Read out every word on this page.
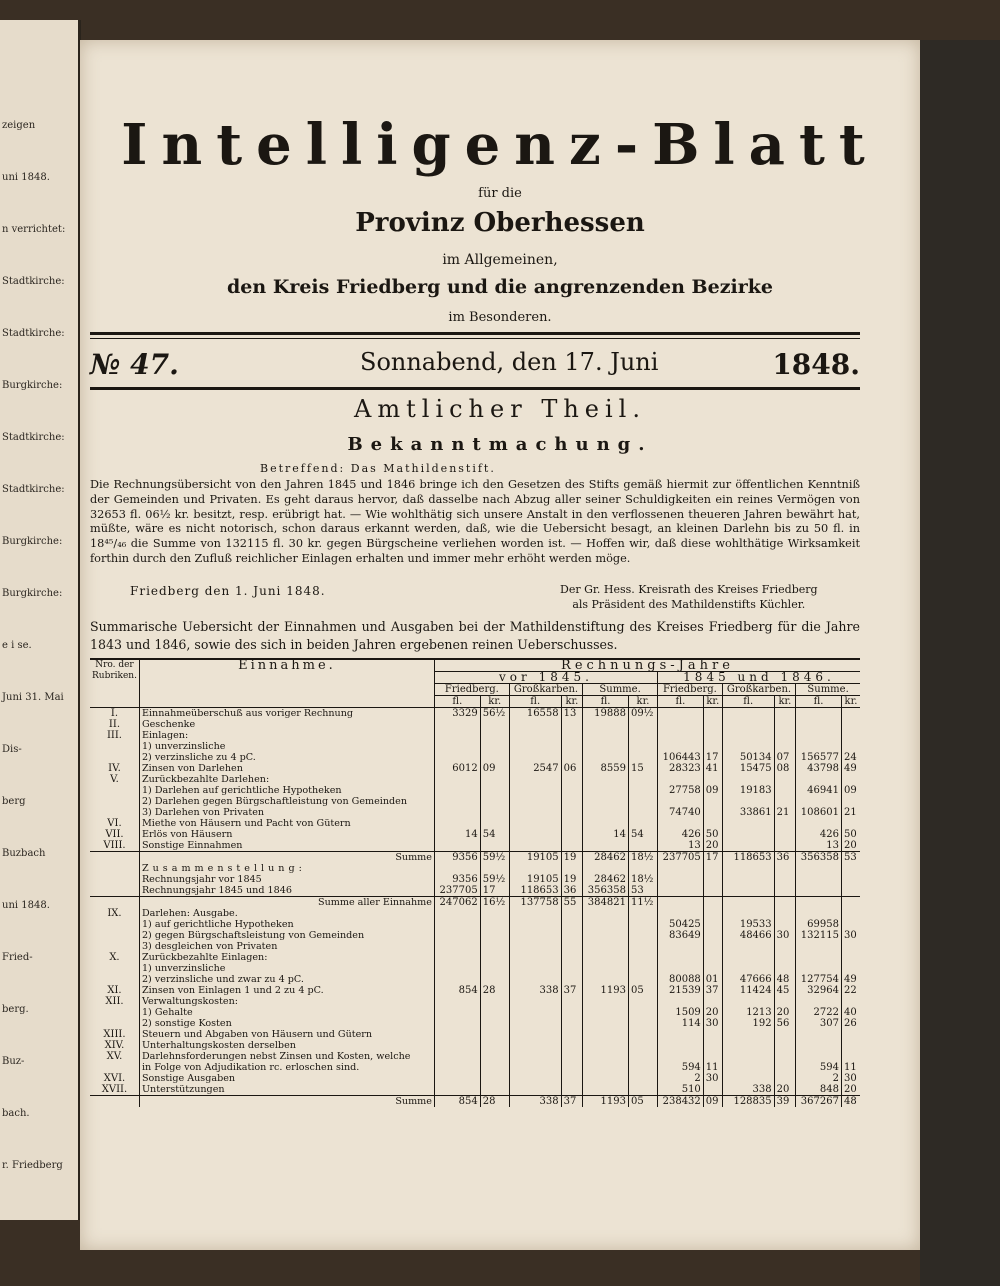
zeigen
uni 1848.
n verrichtet:
Stadtkirche:
Stadtkirche:
Burgkirche:
Stadtkirche:
Stadtkirche:
Burgkirche:
Burgkirche:
e i se.
Juni 31. Mai
Dis-
berg
Buzbach
uni 1848.
Fried-
berg.
Buz-
bach.
r. Friedberg
Intelligenz-Blatt
für die
Provinz Oberhessen
im Allgemeinen,
den Kreis Friedberg und die angrenzenden Bezirke
im Besonderen.
№ 47.	Sonnabend, den 17. Juni	1848.
Amtlicher Theil.
Bekanntmachung.
Betreffend: Das Mathildenstift.
Die Rechnungsübersicht von den Jahren 1845 und 1846 bringe ich den Gesetzen des Stifts gemäß hiermit zur öffentlichen Kenntniß der Gemeinden und Privaten. Es geht daraus hervor, daß dasselbe nach Abzug aller seiner Schuldigkeiten ein reines Vermögen von 32653 fl. 06½ kr. besitzt, resp. erübrigt hat. — Wie wohlthätig sich unsere Anstalt in den verflossenen theueren Jahren bewährt hat, müßte, wäre es nicht notorisch, schon daraus erkannt werden, daß, wie die Uebersicht besagt, an kleinen Darlehn bis zu 50 fl. in 18⁴⁵/₄₆ die Summe von 132115 fl. 30 kr. gegen Bürgscheine verliehen worden ist. — Hoffen wir, daß diese wohlthätige Wirksamkeit forthin durch den Zufluß reichlicher Einlagen erhalten und immer mehr erhöht werden möge.
Friedberg den 1. Juni 1848.	Der Gr. Hess. Kreisrath des Kreises Friedberg
als Präsident des Mathildenstifts Küchler.
Summarische Uebersicht der Einnahmen und Ausgaben bei der Mathildenstiftung des Kreises Friedberg für die Jahre 1843 und 1846, sowie des sich in beiden Jahren ergebenen reinen Ueberschusses.
Nro. der Rubriken.	Einnahme.	Rechnungs-Jahre											
		vor 1845.						1845 und 1846.					
		Friedberg.		Großkarben.		Summe.		Friedberg.		Großkarben.		Summe.	
		fl.	kr.	fl.	kr.	fl.	kr.	fl.	kr.	fl.	kr.	fl.	kr.
I.	Einnahmeüberschuß aus voriger Rechnung	3329	56½	16558	13	19888	09½						
II.	Geschenke												
III.	Einlagen:												
	1) unverzinsliche												
	2) verzinsliche zu 4 pC.							106443	17	50134	07	156577	24
IV.	Zinsen von Darlehen	6012	09	2547	06	8559	15	28323	41	15475	08	43798	49
V.	Zurückbezahlte Darlehen:												
	1) Darlehen auf gerichtliche Hypotheken							27758	09	19183		46941	09
	2) Darlehen gegen Bürgschaftleistung von Gemeinden												
	3) Darlehen von Privaten							74740		33861	21	108601	21
VI.	Miethe von Häusern und Pacht von Gütern												
VII.	Erlös von Häusern	14	54			14	54	426	50			426	50
VIII.	Sonstige Einnahmen							13	20			13	20
	Summe	9356	59½	19105	19	28462	18½	237705	17	118653	36	356358	53
	Zusammenstellung:												
	Rechnungsjahr vor 1845	9356	59½	19105	19	28462	18½						
	Rechnungsjahr 1845 und 1846	237705	17	118653	36	356358	53						
	Summe aller Einnahme	247062	16½	137758	55	384821	11½						
IX.	Darlehen: Ausgabe.												
	1) auf gerichtliche Hypotheken							50425		19533		69958	
	2) gegen Bürgschaftsleistung von Gemeinden							83649		48466	30	132115	30
	3) desgleichen von Privaten												
X.	Zurückbezahlte Einlagen:												
	1) unverzinsliche												
	2) verzinsliche und zwar zu 4 pC.							80088	01	47666	48	127754	49
XI.	Zinsen von Einlagen 1 und 2 zu 4 pC.	854	28	338	37	1193	05	21539	37	11424	45	32964	22
XII.	Verwaltungskosten:												
	1) Gehalte							1509	20	1213	20	2722	40
	2) sonstige Kosten							114	30	192	56	307	26
XIII.	Steuern und Abgaben von Häusern und Gütern												
XIV.	Unterhaltungskosten derselben												
XV.	Darlehnsforderungen nebst Zinsen und Kosten, welche												
	in Folge von Adjudikation rc. erloschen sind.							594	11			594	11
XVI.	Sonstige Ausgaben							2	30			2	30
XVII.	Unterstützungen							510		338	20	848	20
	Summe	854	28	338	37	1193	05	238432	09	128835	39	367267	48
